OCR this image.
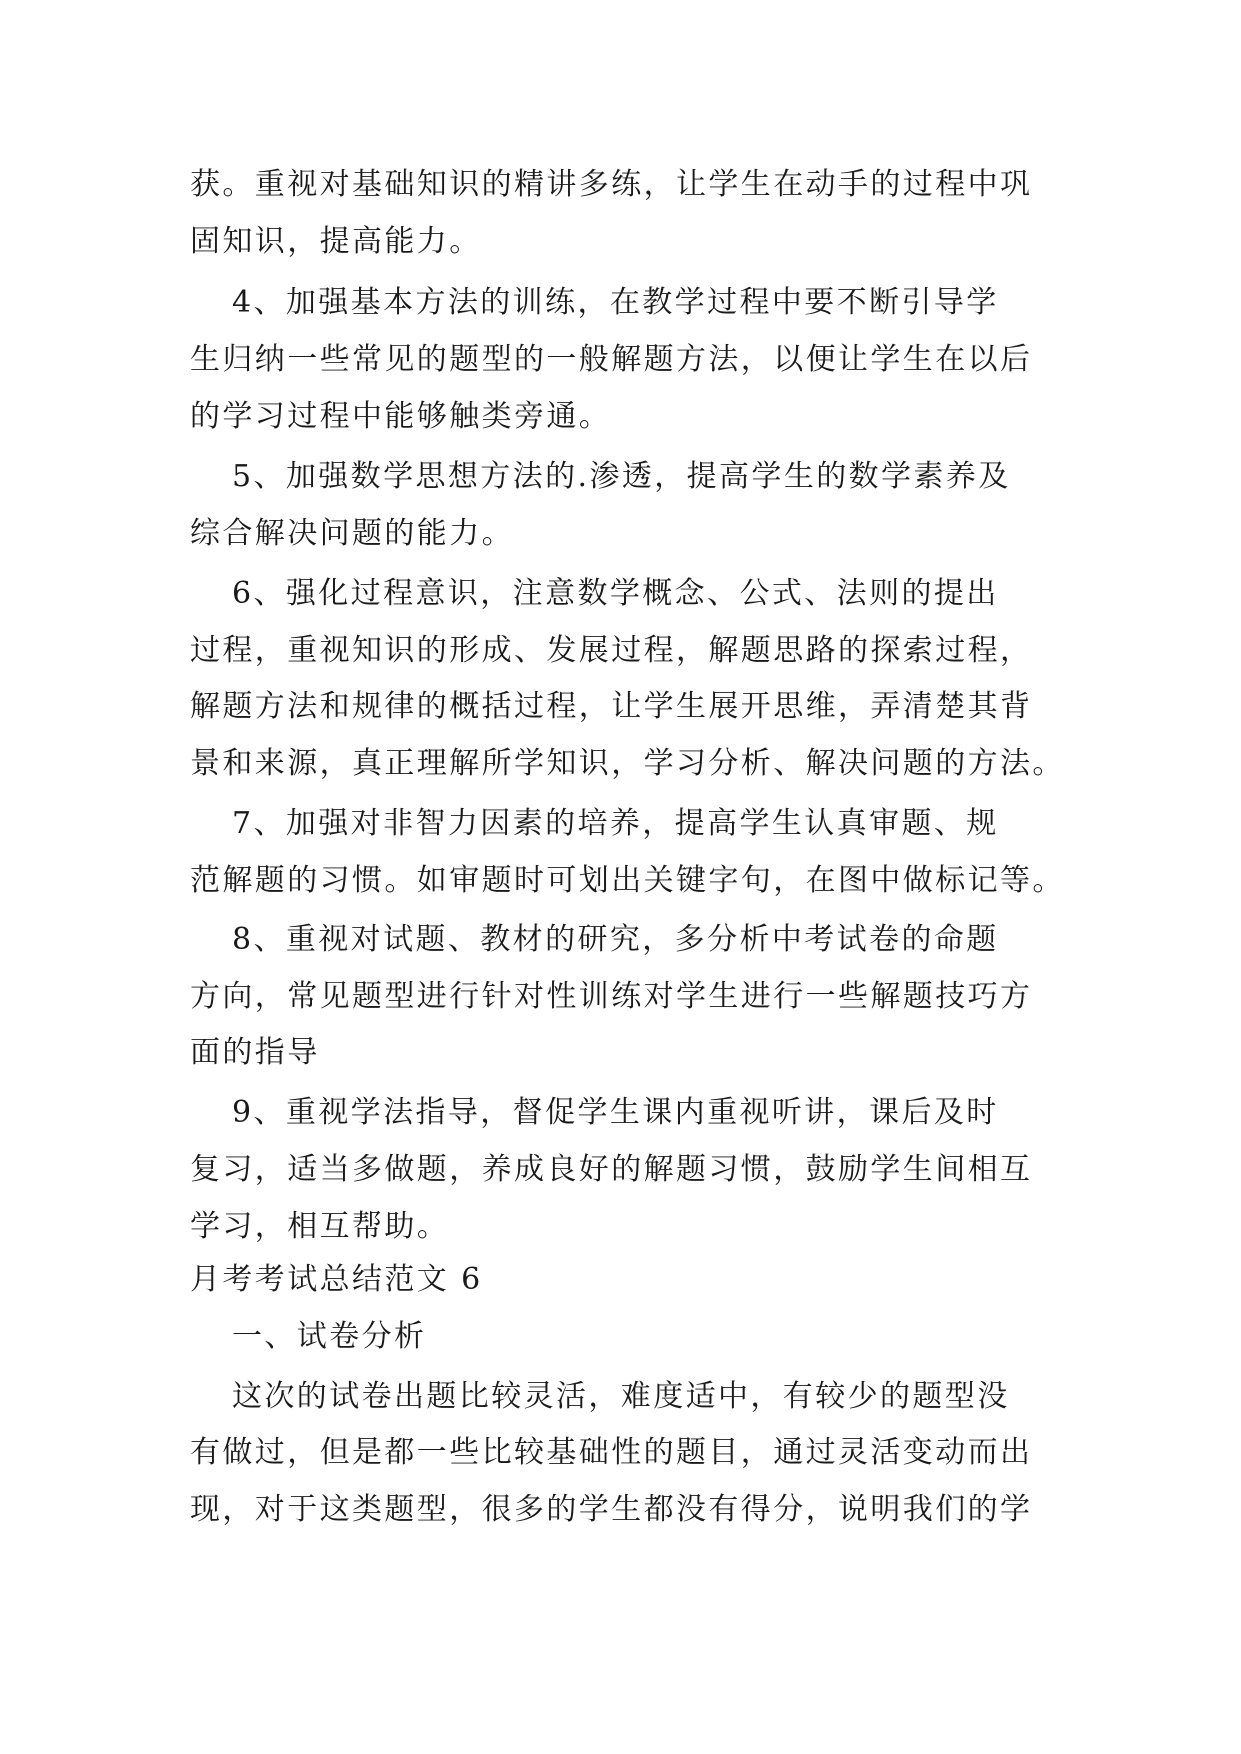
获。重视对基础知识的精讲多练，让学生在动手的过程中巩
固知识，提高能力。
4、加强基本方法的训练，在教学过程中要不断引导学
生归纳一些常见的题型的一般解题方法，以便让学生在以后
的学习过程中能够触类旁通。
5、加强数学思想方法的.渗透，提高学生的数学素养及
综合解决问题的能力。
6、强化过程意识，注意数学概念、公式、法则的提出
过程，重视知识的形成、发展过程，解题思路的探索过程，
解题方法和规律的概括过程，让学生展开思维，弄清楚其背
景和来源，真正理解所学知识，学习分析、解决问题的方法。
7、加强对非智力因素的培养，提高学生认真审题、规
范解题的习惯。如审题时可划出关键字句，在图中做标记等。
8、重视对试题、教材的研究，多分析中考试卷的命题
方向，常见题型进行针对性训练对学生进行一些解题技巧方
面的指导
9、重视学法指导，督促学生课内重视听讲，课后及时
复习，适当多做题，养成良好的解题习惯，鼓励学生间相互
学习，相互帮助。
月考考试总结范文 6
一、试卷分析
这次的试卷出题比较灵活，难度适中，有较少的题型没
有做过，但是都一些比较基础性的题目，通过灵活变动而出
现，对于这类题型，很多的学生都没有得分，说明我们的学
